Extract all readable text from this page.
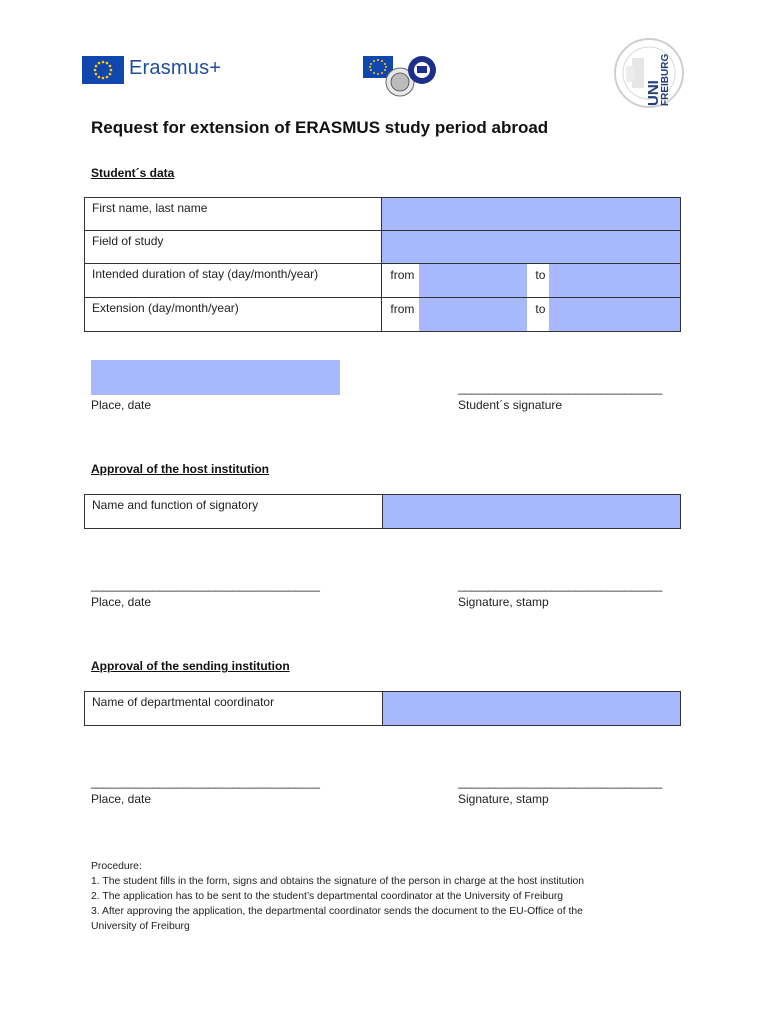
Erasmus+
UNI
FREIBURG
Request for extension of ERASMUS study period abroad
Student´s data
First name, last name	
Field of study	
Intended duration of stay (day/month/year)	from to

Extension (day/month/year)	from to
Place, date
_________________________________
Student´s signature
Approval of the host institution
Name and function of signatory	
_____________________________________
Place, date
_________________________________
Signature, stamp
Approval of the sending institution
Name of departmental coordinator	
_____________________________________
Place, date
_________________________________
Signature, stamp
Procedure:
1. The student fills in the form, signs and obtains the signature of the person in charge at the host institution
2. The application has to be sent to the student’s departmental coordinator at the University of Freiburg
3. After approving the application, the departmental coordinator sends the document to the EU-Office of the
University of Freiburg
